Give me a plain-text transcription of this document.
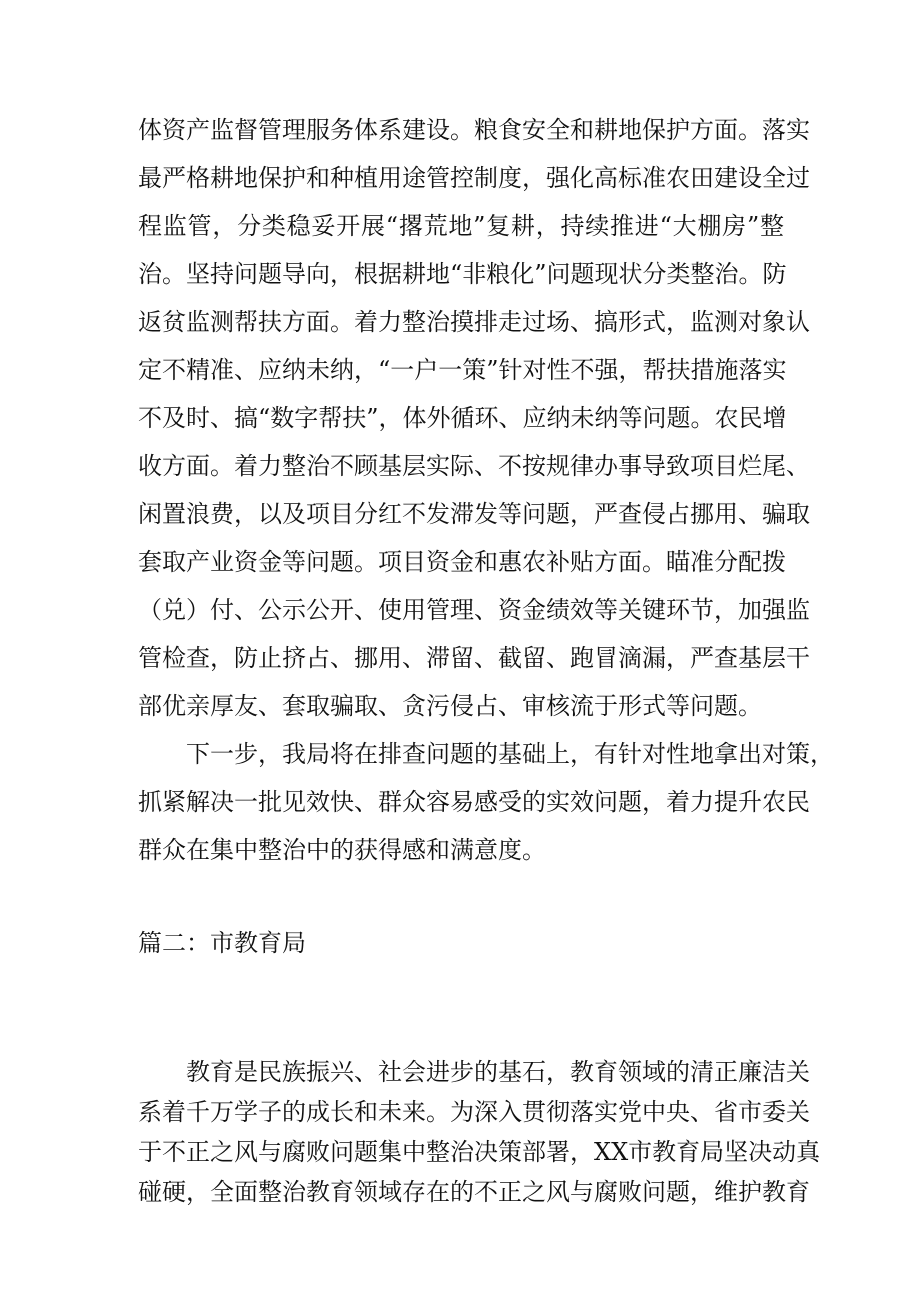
体资产监督管理服务体系建设。粮食安全和耕地保护方面。落实
最严格耕地保护和种植用途管控制度，强化高标准农田建设全过
程监管，分类稳妥开展“撂荒地”复耕，持续推进“大棚房”整
治。坚持问题导向，根据耕地“非粮化”问题现状分类整治。防
返贫监测帮扶方面。着力整治摸排走过场、搞形式，监测对象认
定不精准、应纳未纳，“一户一策”针对性不强，帮扶措施落实
不及时、搞“数字帮扶”，体外循环、应纳未纳等问题。农民增
收方面。着力整治不顾基层实际、不按规律办事导致项目烂尾、
闲置浪费，以及项目分红不发滞发等问题，严查侵占挪用、骗取
套取产业资金等问题。项目资金和惠农补贴方面。瞄准分配拨
（兑）付、公示公开、使用管理、资金绩效等关键环节，加强监
管检查，防止挤占、挪用、滞留、截留、跑冒滴漏，严查基层干
部优亲厚友、套取骗取、贪污侵占、审核流于形式等问题。
下一步，我局将在排查问题的基础上，有针对性地拿出对策，
抓紧解决一批见效快、群众容易感受的实效问题，着力提升农民
群众在集中整治中的获得感和满意度。
篇二：市教育局
教育是民族振兴、社会进步的基石，教育领域的清正廉洁关
系着千万学子的成长和未来。为深入贯彻落实党中央、省市委关
于不正之风与腐败问题集中整治决策部署，XX市教育局坚决动真
碰硬，全面整治教育领域存在的不正之风与腐败问题，维护教育
